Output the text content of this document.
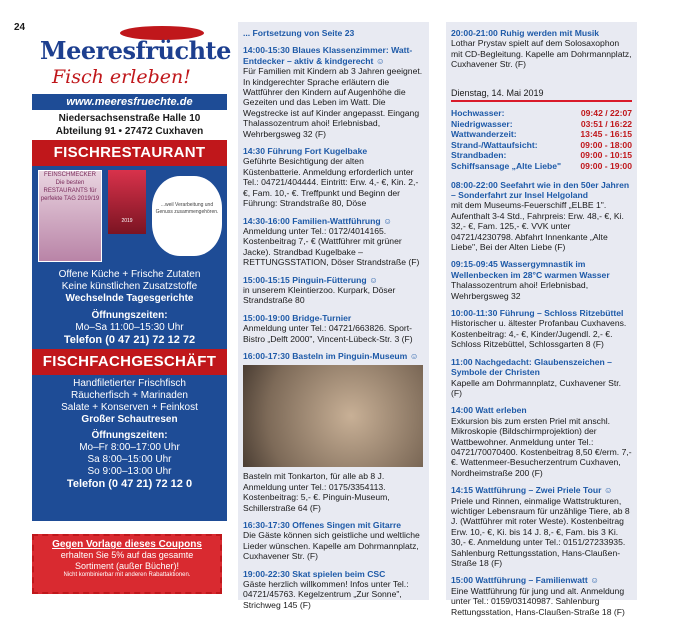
24
Meeresfrüchte
Fisch erleben!
www.meeresfruechte.de
Niedersachsenstraße Halle 10
Abteilung 91 • 27472 Cuxhaven
FISCHRESTAURANT
FEINSCHMECKER Die besten RESTAURANTS für perfekte TAG 2019/19
2019
...weil Verarbeitung und Genuss zusammengehören.
Offene Küche + Frische Zutaten
Keine künstlichen Zusatzstoffe
Wechselnde Tagesgerichte
Öffnungszeiten:
Mo–Sa 11:00–15:30 Uhr
Telefon (0 47 21) 72 12 72
FISCHFACHGESCHÄFT
Handfiletierter Frischfisch
Räucherfisch + Marinaden
Salate + Konserven + Feinkost
Großer Schautresen
Öffnungszeiten:
Mo–Fr 8:00–17:00 Uhr
Sa 8:00–15:00 Uhr
So 9:00–13:00 Uhr
Telefon (0 47 21) 72 12 0
Gegen Vorlage dieses Coupons
erhalten Sie 5% auf das gesamte
Sortiment (außer Bücher)!
Nicht kombinierbar mit anderen Rabattaktionen.
... Fortsetzung von Seite 23
14:00-15:30 Blaues Klassenzimmer: Watt-Entdecker – aktiv & kindgerecht ☺
Für Familien mit Kindern ab 3 Jahren geeignet. In kindgerechter Sprache erläutern die Wattführer den Kindern auf Augenhöhe die Gezeiten und das Leben im Watt. Die Wegstrecke ist auf Kinder angepasst. Eingang Thalassozentrum ahoi! Erlebnisbad, Wehrbergsweg 32 (F)
14:30 Führung Fort Kugelbake
Geführte Besichtigung der alten Küstenbatterie. Anmeldung erforderlich unter Tel.: 04721/404444. Eintritt: Erw. 4,- €, Kin. 2,- €, Fam. 10,- €. Treffpunkt und Beginn der Führung: Strandstraße 80, Döse
14:30-16:00 Familien-Wattführung ☺
Anmeldung unter Tel.: 0172/4014165. Kostenbeitrag 7,- € (Wattführer mit grüner Jacke). Strandbad Kugelbake – RETTUNGSSTATION, Döser Strandstraße (F)
15:00-15:15 Pinguin-Fütterung ☺
in unserem Kleintierzoo. Kurpark, Döser Strandstraße 80
15:00-19:00 Bridge-Turnier
Anmeldung unter Tel.: 04721/663826. Sport-Bistro „Delft 2000", Vincent-Lübeck-Str. 3 (F)
16:00-17:30 Basteln im Pinguin-Museum ☺
Basteln mit Tonkarton, für alle ab 8 J. Anmeldung unter Tel.: 0175/3354113. Kostenbeitrag: 5,- €. Pinguin-Museum, Schillerstraße 64 (F)
16:30-17:30 Offenes Singen mit Gitarre
Die Gäste können sich geistliche und weltliche Lieder wünschen. Kapelle am Dohrmannplatz, Cuxhavener Str. (F)
19:00-22:30 Skat spielen beim CSC
Gäste herzlich willkommen! Infos unter Tel.: 04721/45763. Kegelzentrum „Zur Sonne", Strichweg 145 (F)
20:00-21:00 Ruhig werden mit Musik
Lothar Prystav spielt auf dem Solosaxophon mit CD-Begleitung. Kapelle am Dohrmannplatz, Cuxhavener Str. (F)
Dienstag, 14. Mai 2019
Hochwasser:	09:42 / 22:07
Niedrigwasser:	03:51 / 16:22
Wattwanderzeit:	13:45 - 16:15
Strand-/Wattaufsicht:	09:00 - 18:00
Strandbaden:	09:00 - 10:15
Schiffsansage „Alte Liebe" 09:00 - 19:00
08:00-22:00 Seefahrt wie in den 50er Jahren – Sonderfahrt zur Insel Helgoland
mit dem Museums-Feuerschiff „ELBE 1". Aufenthalt 3-4 Std., Fahrpreis: Erw. 48,- €, Ki. 32,- €, Fam. 125,- €. VVK unter 04721/4230798. Abfahrt Innenkante „Alte Liebe", Bei der Alten Liebe (F)
09:15-09:45 Wassergymnastik im Wellenbecken im 28°C warmen Wasser
Thalassozentrum ahoi! Erlebnisbad, Wehrbergsweg 32
10:00-11:30 Führung – Schloss Ritzebüttel
Historischer u. ältester Profanbau Cuxhavens. Kostenbeitrag: 4,- €, Kinder/Jugendl. 2,- €. Schloss Ritzebüttel, Schlossgarten 8 (F)
11:00 Nachgedacht: Glaubenszeichen – Symbole der Christen
Kapelle am Dohrmannplatz, Cuxhavener Str. (F)
14:00 Watt erleben
Exkursion bis zum ersten Priel mit anschl. Mikroskopie (Bildschirmprojektion) der Wattbewohner. Anmeldung unter Tel.: 04721/70070400. Kostenbeitrag 8,50 €/erm. 7,- €. Wattenmeer-Besucherzentrum Cuxhaven, Nordheimstraße 200 (F)
14:15 Wattführung – Zwei Priele Tour ☺
Priele und Rinnen, einmalige Wattstrukturen, wichtiger Lebensraum für unzählige Tiere, ab 8 J. (Wattführer mit roter Weste). Kostenbeitrag Erw. 10,- €, Ki. bis 14 J. 8,- €, Fam. bis 3 Ki. 30,- €. Anmeldung unter Tel.: 0151/27233935. Sahlenburg Rettungsstation, Hans-Claußen-Straße 18 (F)
15:00 Wattführung – Familienwatt ☺
Eine Wattführung für jung und alt. Anmeldung unter Tel.: 0159/03140987. Sahlenburg Rettungsstation, Hans-Claußen-Straße 18 (F)
